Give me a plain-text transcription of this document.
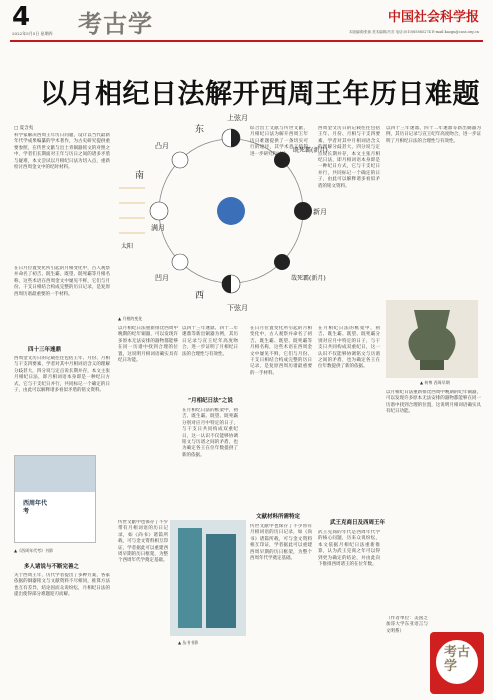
4
2022年5月5日 星期四 考古学	中国社会科学报
本版编辑/张蓉 美术编辑/冯芳 电话:(010)85885274 E-mail:kaogu@cass.org.cn
以月相纪日法解开西周王年历日难题
□ 夏含夷
科学家解决西周王年历日问题，设计以当代最新年代学成果编纂的学术著作，为古史研究提供重要参照，在传世文献与出土青铜器铭文的对照之中，学者们长期面对王年与历日之间的诸多矛盾与疑难，本文尝试以月相纪日法为切入点，重新检讨西周金文中的纪时材料。
在日月位置变化所引起的月相变化中，古人观察并命名了初吉、既生霸、既望、既死霸等月相名称，这些术语在西周金文中屡见不鲜，它们与月份、干支日相结合构成完整的历日记录，是复原西周历谱最重要的一手材料。
四十三年逨鼎
西周金文历日的记载往往包括王年、月份、月相与干支四要素，学者对其中月相词语含义的理解分歧甚大，四分说与定点说长期并存，本文主张月相纪日法，即月相词语本身即是一种纪日方式，它与干支纪日并行，共同标记一个确定的日子，由此可以解释诸多看似矛盾的铭文资料。
西周年代
考
▲《西周年代考》书影
多人诸说与不断完善之
关于西周王年，历代学者提出了多种方案，各家依据的铜器铭文与文献资料不尽相同，推算方法也互有差异，结论因而众说纷纭，月相纪日法的提出使得部分难题迎刃而解。
上弦月
下弦月
满月
新月
凸月
既死霸(新月)
凹月	哉死霸(新月)
东
西
南
太阳
▲ 月相的变化
以月相纪日法重新排比西周中晚期的纪年铜器，可以发现许多原本无法安排的器物都能够在同一历谱中找到合理的位置，这说明月相词语确实具有纪日功能。
以四十三年逨鼎、四十二年逨鼎等新出铜器为例，其历日记录与宣王纪年高度吻合，进一步证明了月相纪日法的合理性与有效性。
“月相纪日法”之说
在月相纪日法的框架中，初吉、既生霸、既望、既死霸分别对应月中特定的日子，与干支日共同构成双重纪日，这一认识不仅能够协调铭文与历谱之间的矛盾，也为确定各王在位年数提供了新的依据。
传世文献中也保存了不少带有月相词语的历日记录，如《尚书》诸篇所载，可与金文资料相互印证，学者据此可以重建西周早期的历日框架，为整个西周年代学奠定基础。
▲ 丛书书影
综合出土文献与传世文献，月相纪日法为解开西周王年历日难题提供了一条切实可行的途径，其学术意义值得进一步研究和讨论。
在日月位置变化所引起的月相变化中，古人观察并命名了初吉、既生霸、既望、既死霸等月相名称，这些术语在西周金文中屡见不鲜，它们与月份、干支日相结合构成完整的历日记录，是复原西周历谱最重要的一手材料。
文献材料所需特定
传世文献中也保存了不少带有月相词语的历日记录，如《尚书》诸篇所载，可与金文资料相互印证，学者据此可以重建西周早期的历日框架，为整个西周年代学奠定基础。
西周金文历日的记载往往包括王年、月份、月相与干支四要素，学者对其中月相词语含义的理解分歧甚大，四分说与定点说长期并存，本文主张月相纪日法，即月相词语本身即是一种纪日方式，它与干支纪日并行，共同标记一个确定的日子，由此可以解释诸多看似矛盾的铭文资料。
在月相纪日法的框架中，初吉、既生霸、既望、既死霸分别对应月中特定的日子，与干支日共同构成双重纪日，这一认识不仅能够协调铭文与历谱之间的矛盾，也为确定各王在位年数提供了新的依据。
武王克商日及西周王年
武王克商的年代是西周年代学的核心问题，历来众说纷纭，本文依据月相纪日法重新推算，认为武王克商之年可以得到更为确定的结论，并由此向下推排西周诸王的在位年数。
以四十三年逨鼎、四十二年逨鼎等新出铜器为例，其历日记录与宣王纪年高度吻合，进一步证明了月相纪日法的合理性与有效性。
▲ 何尊 西周早期
以月相纪日法重新排比西周中晚期的纪年铜器，可以发现许多原本无法安排的器物都能够在同一历谱中找到合理的位置，这说明月相词语确实具有纪日功能。
（作者单位：美国芝加哥大学东亚语言与文明系）
考古学
